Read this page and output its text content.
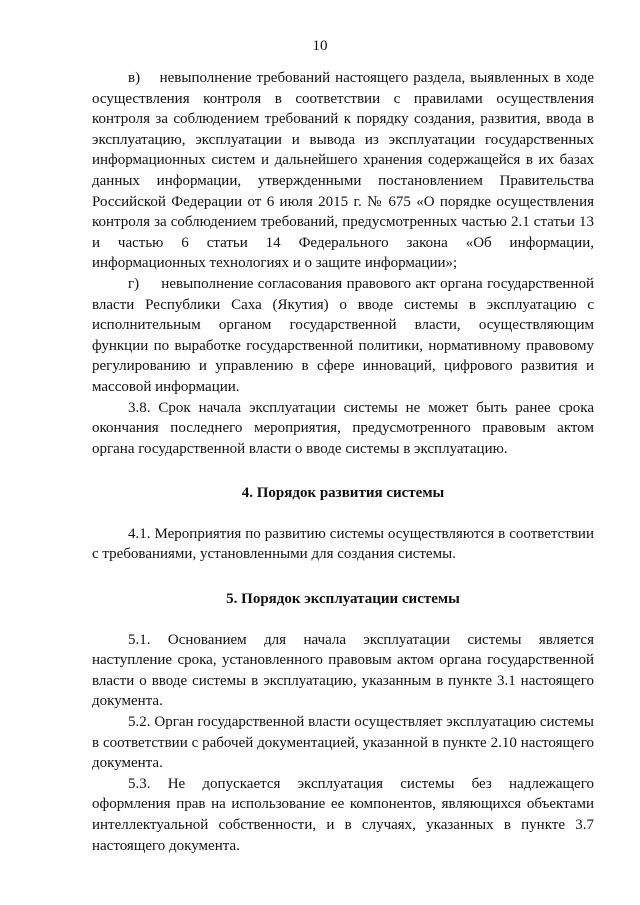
10

в)    невыполнение требований настоящего раздела, выявленных в ходе осуществления контроля в соответствии с правилами осуществления контроля за соблюдением требований к порядку создания, развития, ввода в эксплуатацию, эксплуатации и вывода из эксплуатации государственных информационных систем и дальнейшего хранения содержащейся в их базах данных информации, утвержденными постановлением Правительства Российской Федерации от 6 июля 2015 г. № 675 «О порядке осуществления контроля за соблюдением требований, предусмотренных частью 2.1 статьи 13 и частью 6 статьи 14 Федерального закона «Об информации, информационных технологиях и о защите информации»;

г)     невыполнение согласования правового акт органа государственной власти Республики Саха (Якутия) о вводе системы в эксплуатацию с исполнительным органом государственной власти, осуществляющим функции по выработке государственной политики, нормативному правовому регулированию и управлению в сфере инноваций, цифрового развития и массовой информации.

3.8. Срок начала эксплуатации системы не может быть ранее срока окончания последнего мероприятия, предусмотренного правовым актом органа государственной власти о вводе системы в эксплуатацию.

4. Порядок развития системы

4.1. Мероприятия по развитию системы осуществляются в соответствии с требованиями, установленными для создания системы.

5. Порядок эксплуатации системы

5.1. Основанием для начала эксплуатации системы является наступление срока, установленного правовым актом органа государственной власти о вводе системы в эксплуатацию, указанным в пункте 3.1 настоящего документа.

5.2. Орган государственной власти осуществляет эксплуатацию системы в соответствии с рабочей документацией, указанной в пункте 2.10 настоящего документа.

5.3. Не допускается эксплуатация системы без надлежащего оформления прав на использование ее компонентов, являющихся объектами интеллектуальной собственности, и в случаях, указанных в пункте 3.7 настоящего документа.
